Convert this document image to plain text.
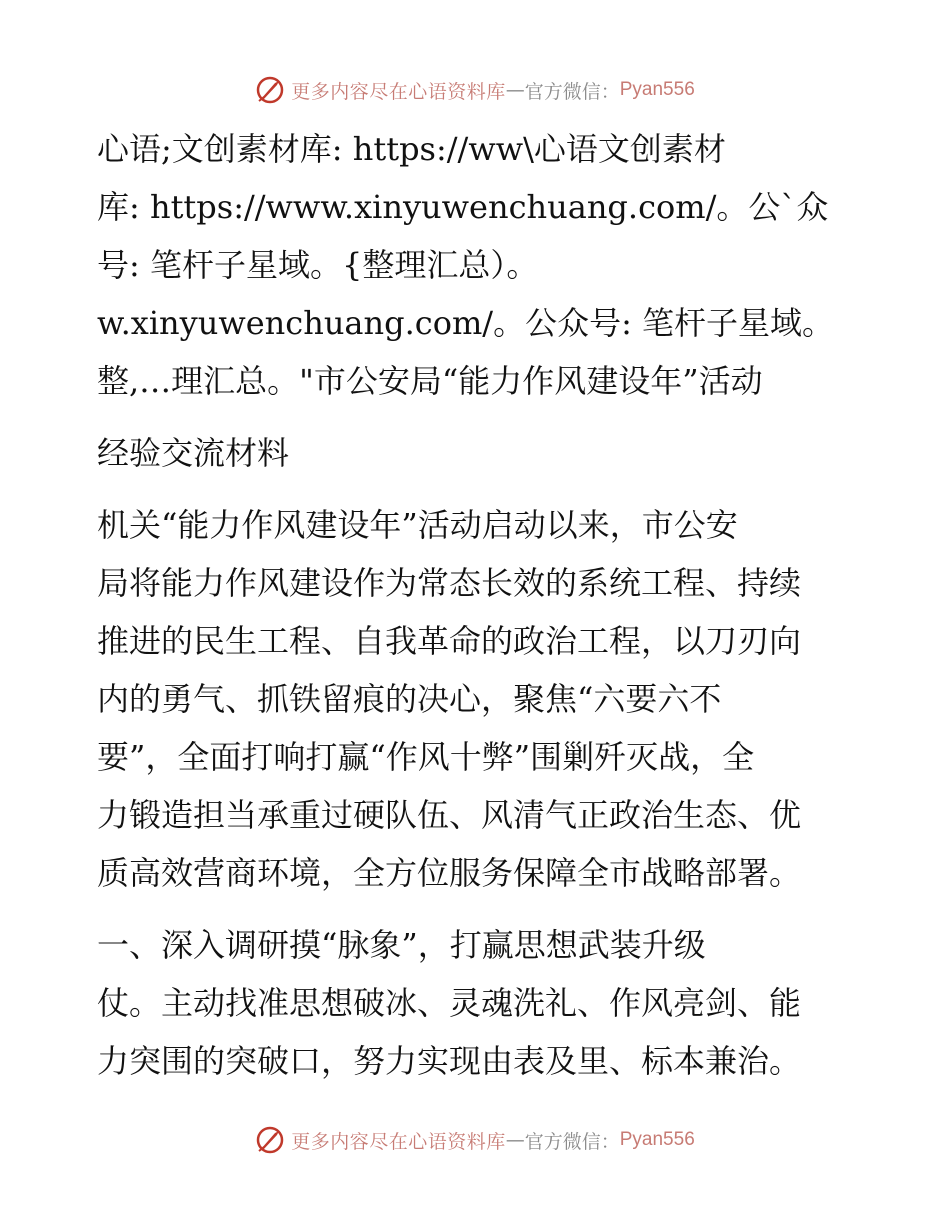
更多内容尽在心语资料库 — 官方微信： Pyan556
心语;文创素材库: https://ww\心语文创素材
库: https://www.xinyuwenchuang.com/。公`众
号: 笔杆子星域。{整理汇总）。
w.xinyuwenchuang.com/。公众号: 笔杆子星域。
整,…理汇总。"市公安局“能力作风建设年”活动
经验交流材料
机关“能力作风建设年”活动启动以来，市公安
局将能力作风建设作为常态长效的系统工程、持续
推进的民生工程、自我革命的政治工程，以刀刃向
内的勇气、抓铁留痕的决心，聚焦“六要六不
要”，全面打响打赢“作风十弊”围剿歼灭战，全
力锻造担当承重过硬队伍、风清气正政治生态、优
质高效营商环境，全方位服务保障全市战略部署。
一、深入调研摸“脉象”，打赢思想武装升级
仗。主动找准思想破冰、灵魂洗礼、作风亮剑、能
力突围的突破口，努力实现由表及里、标本兼治。
更多内容尽在心语资料库 — 官方微信： Pyan556
